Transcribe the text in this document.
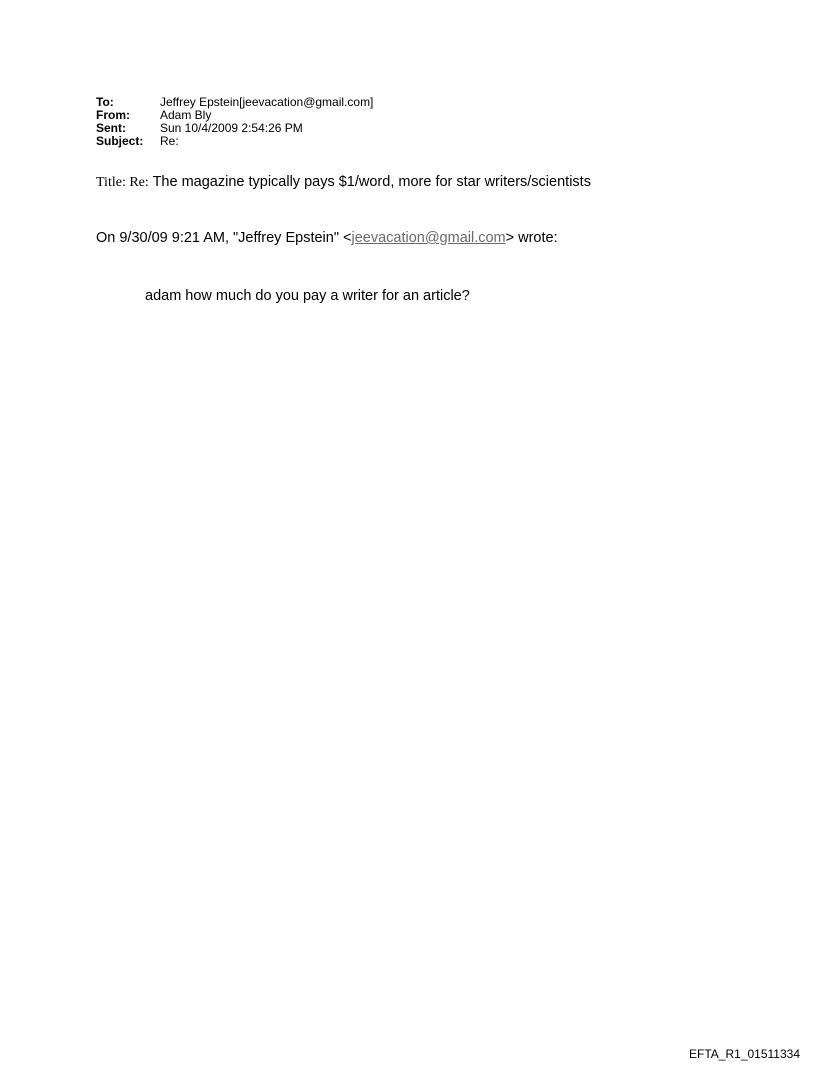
To:	Jeffrey Epstein[jeevacation@gmail.com]
From:	Adam Bly
Sent:	Sun 10/4/2009 2:54:26 PM
Subject:	Re:
Title: Re: The magazine typically pays $1/word, more for star writers/scientists
On 9/30/09 9:21 AM, "Jeffrey Epstein" <jeevacation@gmail.com> wrote:
adam how much do you pay a writer for an article?
EFTA_R1_01511334
